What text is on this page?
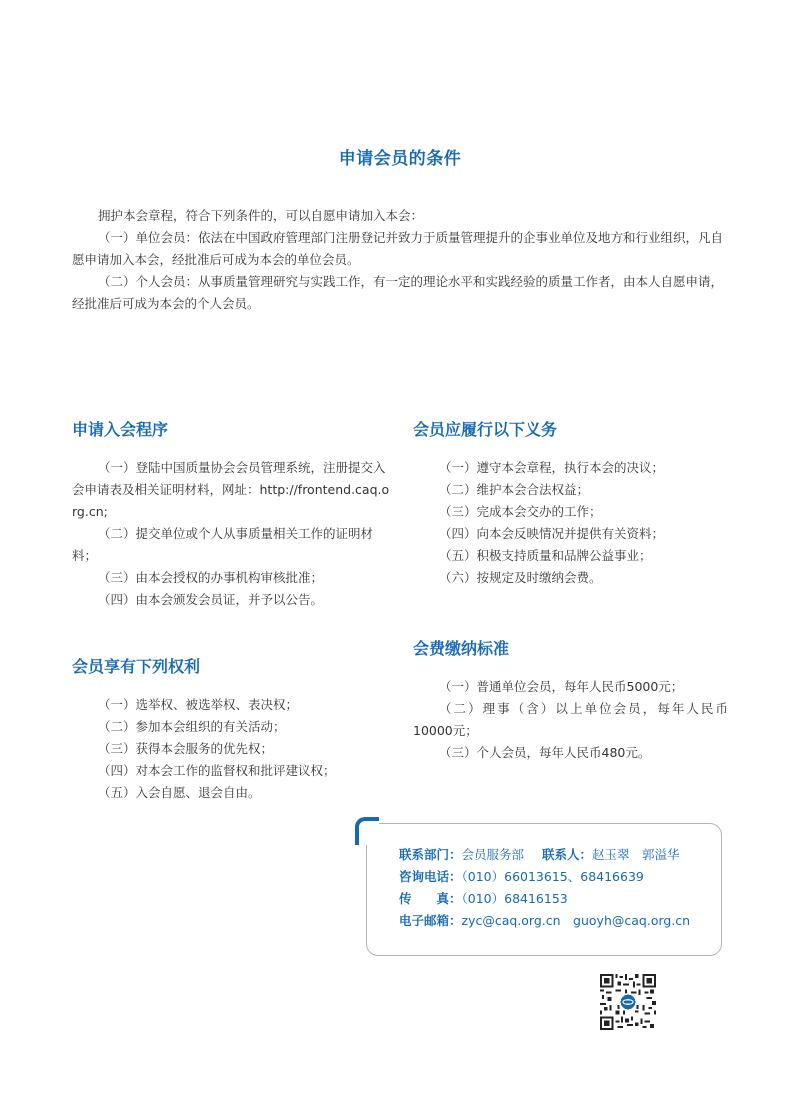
申请会员的条件

拥护本会章程，符合下列条件的，可以自愿申请加入本会：

（一）单位会员：依法在中国政府管理部门注册登记并致力于质量管理提升的企事业单位及地方和行业组织，凡自愿申请加入本会，经批准后可成为本会的单位会员。

（二）个人会员：从事质量管理研究与实践工作，有一定的理论水平和实践经验的质量工作者，由本人自愿申请，经批准后可成为本会的个人会员。

申请入会程序
（一）登陆中国质量协会会员管理系统，注册提交入会申请表及相关证明材料，网址：http://frontend.caq.org.cn;
（二）提交单位或个人从事质量相关工作的证明材料；
（三）由本会授权的办事机构审核批准；
（四）由本会颁发会员证，并予以公告。
会员享有下列权利
（一）选举权、被选举权、表决权；
（二）参加本会组织的有关活动；
（三）获得本会服务的优先权；
（四）对本会工作的监督权和批评建议权；
（五）入会自愿、退会自由。
会员应履行以下义务
（一）遵守本会章程，执行本会的决议；
（二）维护本会合法权益；
（三）完成本会交办的工作；
（四）向本会反映情况并提供有关资料；
（五）积极支持质量和品牌公益事业；
（六）按规定及时缴纳会费。
会费缴纳标准
（一）普通单位会员，每年人民币5000元；
（二）理事（含）以上单位会员，每年人民币10000元；
（三）个人会员，每年人民币480元。
联系部门：会员服务部 联系人：赵玉翠　郭溢华
咨询电话：（010）66013615、68416639
传　　真：（010）68416153
电子邮箱：zyc@caq.org.cn　guoyh@caq.org.cn
